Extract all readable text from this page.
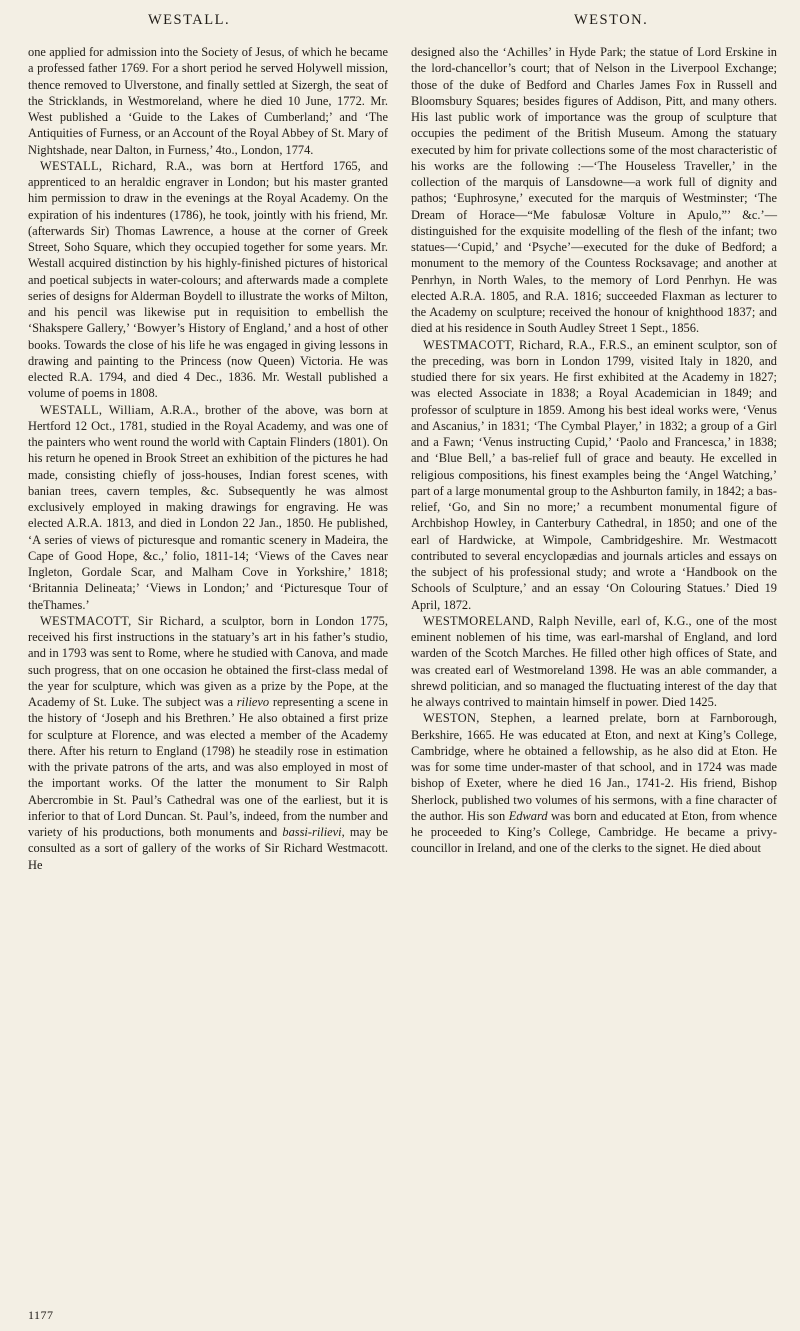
WESTALL.	WESTON.

one applied for admission into the Society of Jesus, of which he became a professed father 1769. For a short period he served Holywell mission, thence removed to Ulverstone, and finally settled at Sizergh, the seat of the Stricklands, in Westmoreland, where he died 10 June, 1772. Mr. West published a ‘Guide to the Lakes of Cumberland;’ and ‘The Antiquities of Furness, or an Account of the Royal Abbey of St. Mary of Nightshade, near Dalton, in Furness,’ 4to., London, 1774.

WESTALL, Richard, R.A., was born at Hertford 1765, and apprenticed to an heraldic engraver in London; but his master granted him permission to draw in the evenings at the Royal Academy. On the expiration of his indentures (1786), he took, jointly with his friend, Mr. (afterwards Sir) Thomas Lawrence, a house at the corner of Greek Street, Soho Square, which they occupied together for some years. Mr. Westall acquired distinction by his highly-finished pictures of historical and poetical subjects in water-colours; and afterwards made a complete series of designs for Alderman Boydell to illustrate the works of Milton, and his pencil was likewise put in requisition to embellish the ‘Shakspere Gallery,’ ‘Bowyer’s History of England,’ and a host of other books. Towards the close of his life he was engaged in giving lessons in drawing and painting to the Princess (now Queen) Victoria. He was elected R.A. 1794, and died 4 Dec., 1836. Mr. Westall published a volume of poems in 1808.

WESTALL, William, A.R.A., brother of the above, was born at Hertford 12 Oct., 1781, studied in the Royal Academy, and was one of the painters who went round the world with Captain Flinders (1801). On his return he opened in Brook Street an exhibition of the pictures he had made, consisting chiefly of joss-houses, Indian forest scenes, with banian trees, cavern temples, &c. Subsequently he was almost exclusively employed in making drawings for engraving. He was elected A.R.A. 1813, and died in London 22 Jan., 1850. He published, ‘A series of views of picturesque and romantic scenery in Madeira, the Cape of Good Hope, &c.,’ folio, 1811-14; ‘Views of the Caves near Ingleton, Gordale Scar, and Malham Cove in Yorkshire,’ 1818; ‘Britannia Delineata;’ ‘Views in London;’ and ‘Picturesque Tour of theThames.’

WESTMACOTT, Sir Richard, a sculptor, born in London 1775, received his first instructions in the statuary’s art in his father’s studio, and in 1793 was sent to Rome, where he studied with Canova, and made such progress, that on one occasion he obtained the first-class medal of the year for sculpture, which was given as a prize by the Pope, at the Academy of St. Luke. The subject was a rilievo representing a scene in the history of ‘Joseph and his Brethren.’ He also obtained a first prize for sculpture at Florence, and was elected a member of the Academy there. After his return to England (1798) he steadily rose in estimation with the private patrons of the arts, and was also employed in most of the important works. Of the latter the monument to Sir Ralph Abercrombie in St. Paul’s Cathedral was one of the earliest, but it is inferior to that of Lord Duncan. St. Paul’s, indeed, from the number and variety of his productions, both monuments and bassi-rilievi, may be consulted as a sort of gallery of the works of Sir Richard Westmacott. He

designed also the ‘Achilles’ in Hyde Park; the statue of Lord Erskine in the lord-chancellor’s court; that of Nelson in the Liverpool Exchange; those of the duke of Bedford and Charles James Fox in Russell and Bloomsbury Squares; besides figures of Addison, Pitt, and many others. His last public work of importance was the group of sculpture that occupies the pediment of the British Museum. Among the statuary executed by him for private collections some of the most characteristic of his works are the following :—‘The Houseless Traveller,’ in the collection of the marquis of Lansdowne—a work full of dignity and pathos; ‘Euphrosyne,’ executed for the marquis of Westminster; ‘The Dream of Horace—“Me fabulosæ Volture in Apulo,”’ &c.’—distinguished for the exquisite modelling of the flesh of the infant; two statues—‘Cupid,’ and ‘Psyche’—executed for the duke of Bedford; a monument to the memory of the Countess Rocksavage; and another at Penrhyn, in North Wales, to the memory of Lord Penrhyn. He was elected A.R.A. 1805, and R.A. 1816; succeeded Flaxman as lecturer to the Academy on sculpture; received the honour of knighthood 1837; and died at his residence in South Audley Street 1 Sept., 1856.

WESTMACOTT, Richard, R.A., F.R.S., an eminent sculptor, son of the preceding, was born in London 1799, visited Italy in 1820, and studied there for six years. He first exhibited at the Academy in 1827; was elected Associate in 1838; a Royal Academician in 1849; and professor of sculpture in 1859. Among his best ideal works were, ‘Venus and Ascanius,’ in 1831; ‘The Cymbal Player,’ in 1832; a group of a Girl and a Fawn; ‘Venus instructing Cupid,’ ‘Paolo and Francesca,’ in 1838; and ‘Blue Bell,’ a bas-relief full of grace and beauty. He excelled in religious compositions, his finest examples being the ‘Angel Watching,’ part of a large monumental group to the Ashburton family, in 1842; a bas-relief, ‘Go, and Sin no more;’ a recumbent monumental figure of Archbishop Howley, in Canterbury Cathedral, in 1850; and one of the earl of Hardwicke, at Wimpole, Cambridgeshire. Mr. Westmacott contributed to several encyclopædias and journals articles and essays on the subject of his professional study; and wrote a ‘Handbook on the Schools of Sculpture,’ and an essay ‘On Colouring Statues.’ Died 19 April, 1872.

WESTMORELAND, Ralph Neville, earl of, K.G., one of the most eminent noblemen of his time, was earl-marshal of England, and lord warden of the Scotch Marches. He filled other high offices of State, and was created earl of Westmoreland 1398. He was an able commander, a shrewd politician, and so managed the fluctuating interest of the day that he always contrived to maintain himself in power. Died 1425.

WESTON, Stephen, a learned prelate, born at Farnborough, Berkshire, 1665. He was educated at Eton, and next at King’s College, Cambridge, where he obtained a fellowship, as he also did at Eton. He was for some time under-master of that school, and in 1724 was made bishop of Exeter, where he died 16 Jan., 1741-2. His friend, Bishop Sherlock, published two volumes of his sermons, with a fine character of the author. His son Edward was born and educated at Eton, from whence he proceeded to King’s College, Cambridge. He became a privy-councillor in Ireland, and one of the clerks to the signet. He died about

1177
